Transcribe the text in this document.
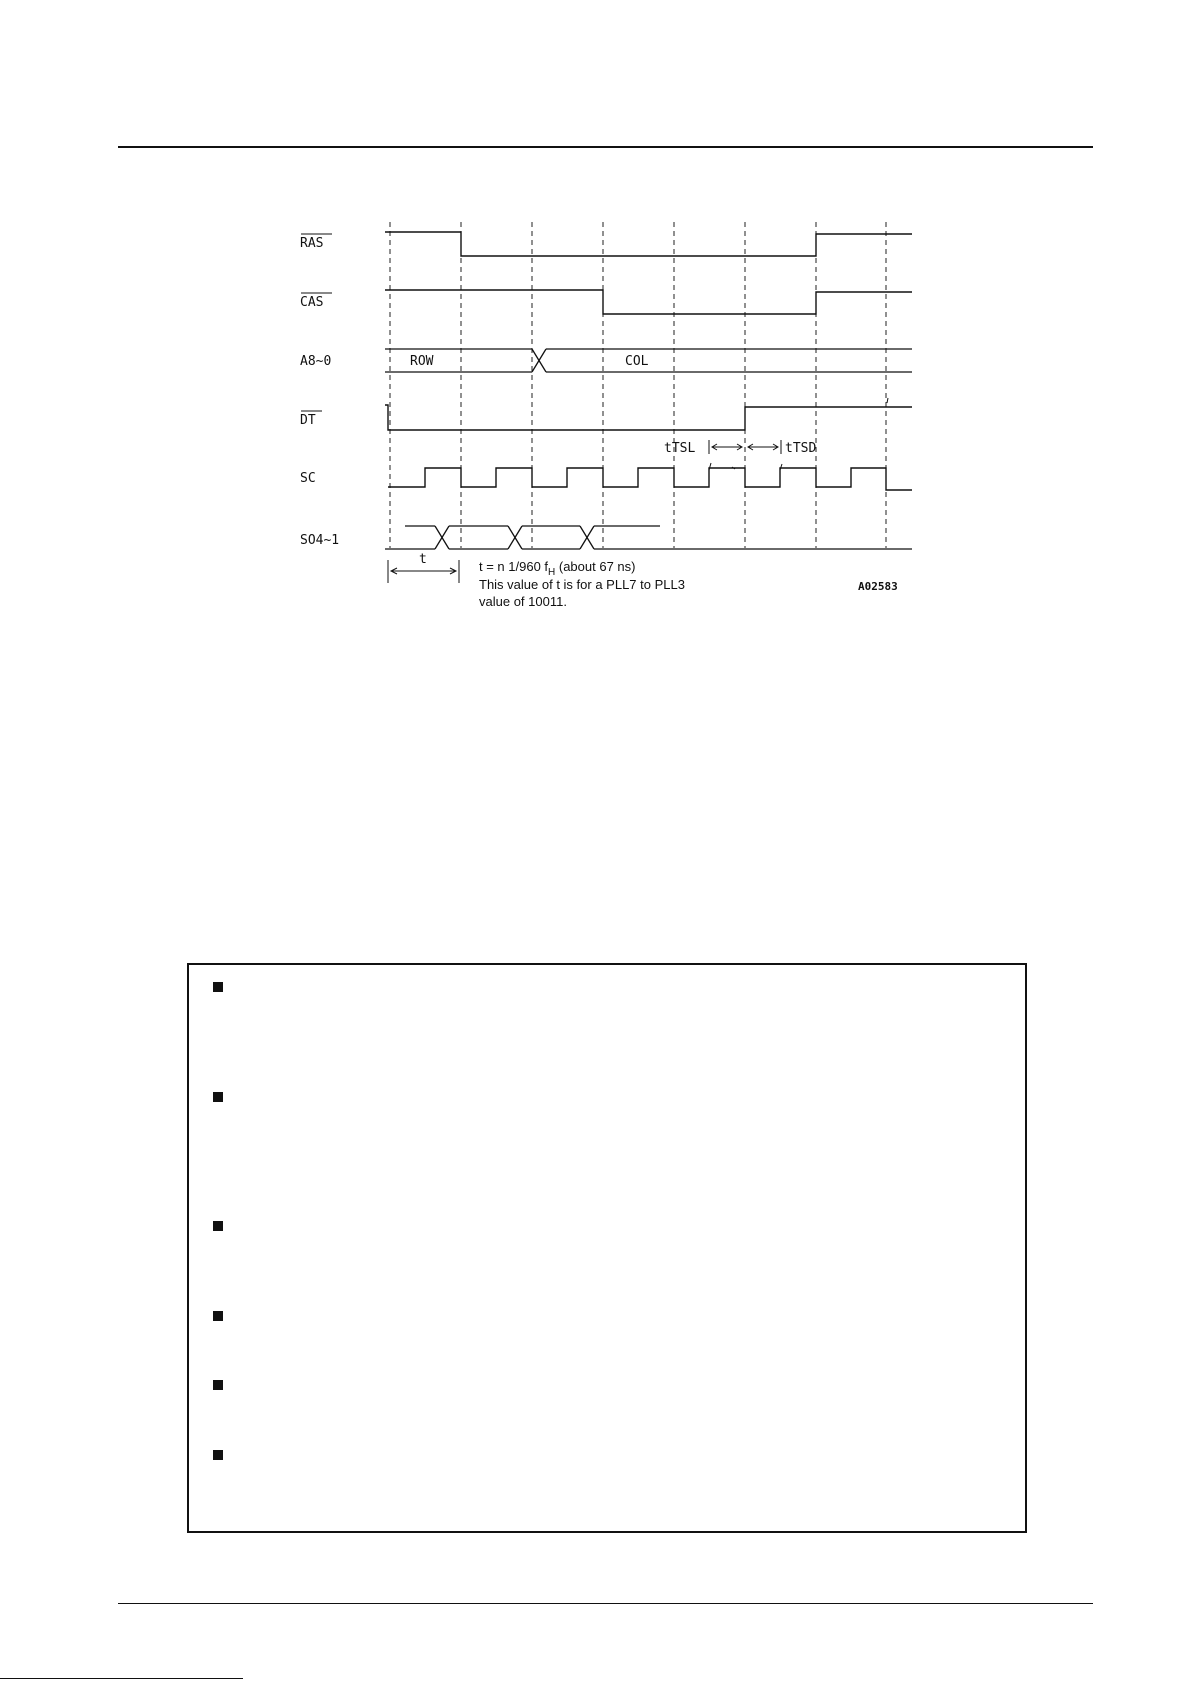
RAS
CAS
A8~0
DT
SC
SO4~1
ROW	COL
tTSL	tTSD
t	t = n 1/960 $f_H$ (about 67 ns)
This value of t is for a PLL7 to PLL3
value of 10011.
A02583
